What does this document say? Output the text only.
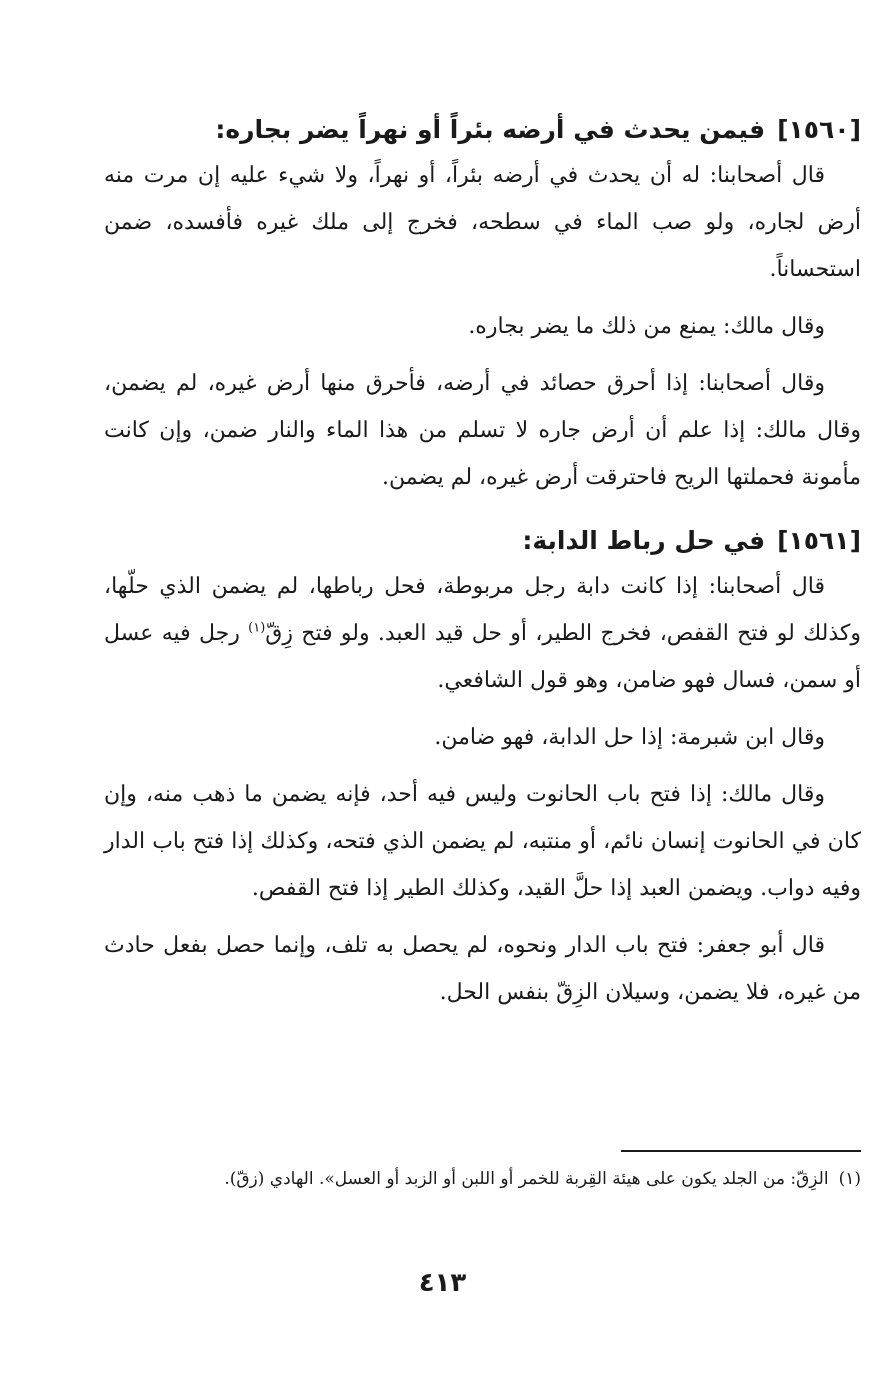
[١٥٦٠]فيمن يحدث في أرضه بئراً أو نهراً يضر بجاره:

قال أصحابنا: له أن يحدث في أرضه بئراً، أو نهراً، ولا شيء عليه إن مرت منه أرض لجاره، ولو صب الماء في سطحه، فخرج إلى ملك غيره فأفسده، ضمن استحساناً.

وقال مالك: يمنع من ذلك ما يضر بجاره.

وقال أصحابنا: إذا أحرق حصائد في أرضه، فأحرق منها أرض غيره، لم يضمن، وقال مالك: إذا علم أن أرض جاره لا تسلم من هذا الماء والنار ضمن، وإن كانت مأمونة فحملتها الريح فاحترقت أرض غيره، لم يضمن.

[١٥٦١]في حل رباط الدابة:

قال أصحابنا: إذا كانت دابة رجل مربوطة، فحل رباطها، لم يضمن الذي حلّها، وكذلك لو فتح القفص، فخرج الطير، أو حل قيد العبد. ولو فتح زِقّ$^{(١)}$ رجل فيه عسل أو سمن، فسال فهو ضامن، وهو قول الشافعي.

وقال ابن شبرمة: إذا حل الدابة، فهو ضامن.

وقال مالك: إذا فتح باب الحانوت وليس فيه أحد، فإنه يضمن ما ذهب منه، وإن كان في الحانوت إنسان نائم، أو منتبه، لم يضمن الذي فتحه، وكذلك إذا فتح باب الدار وفيه دواب. ويضمن العبد إذا حلَّ القيد، وكذلك الطير إذا فتح القفص.

قال أبو جعفر: فتح باب الدار ونحوه، لم يحصل به تلف، وإنما حصل بفعل حادث من غيره، فلا يضمن، وسيلان الزِقّ بنفس الحل.

(١)الزِقّ: من الجلد يكون على هيئة القِربة للخمر أو اللبن أو الزبد أو العسل». الهادي (زقّ).
٤١٣
